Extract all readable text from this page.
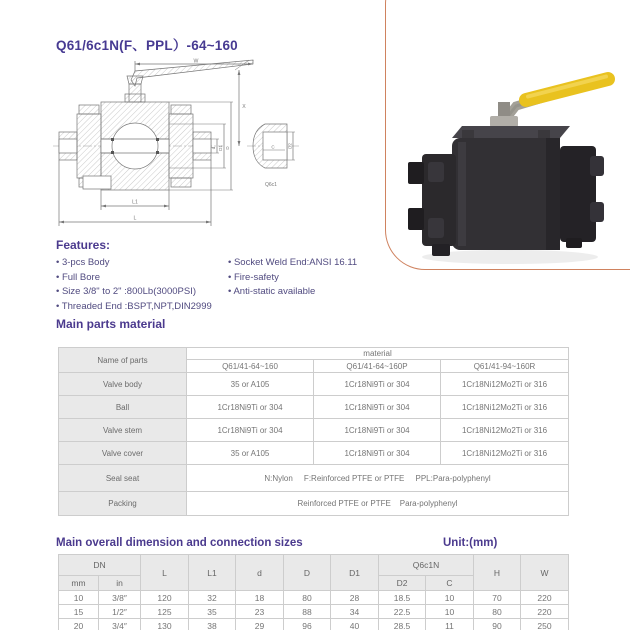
Q61/6c1N(F、PPL）-64~160
W
X
d D1 D
L1
L
C	D2
Q6c1
Features:
• 3-pcs Body
• Full Bore
• Size 3/8" to 2" :800Lb(3000PSI)
• Threaded End :BSPT,NPT,DIN2999
• Socket Weld End:ANSI 16.11
• Fire-safety
• Anti-static available
Main parts material
Name of parts	material		
	Q61/41-64~160	Q61/41-64~160P	Q61/41-94~160R
Valve body	35 or A105	1Cr18Ni9Ti or 304	1Cr18Ni12Mo2Ti or 316
Ball	1Cr18Ni9Ti or 304	1Cr18Ni9Ti or 304	1Cr18Ni12Mo2Ti or 316
Valve stem	1Cr18Ni9Ti or 304	1Cr18Ni9Ti or 304	1Cr18Ni12Mo2Ti or 316
Valve cover	35 or A105	1Cr18Ni9Ti or 304	1Cr18Ni12Mo2Ti or 316
Seal seat	N:Nylon     F:Reinforced PTFE or PTFE     PPL:Para-polyphenyl		
Packing	Reinforced PTFE or PTFE    Para-polyphenyl		
Main overall dimension and connection sizes	Unit:(mm)
DN		L	L1	d	D	D1	Q6c1N		H	W
mm	in						D2	C		
10	3/8″	120	32	18	80	28	18.5	10	70	220
15	1/2″	125	35	23	88	34	22.5	10	80	220
20	3/4″	130	38	29	96	40	28.5	11	90	250
